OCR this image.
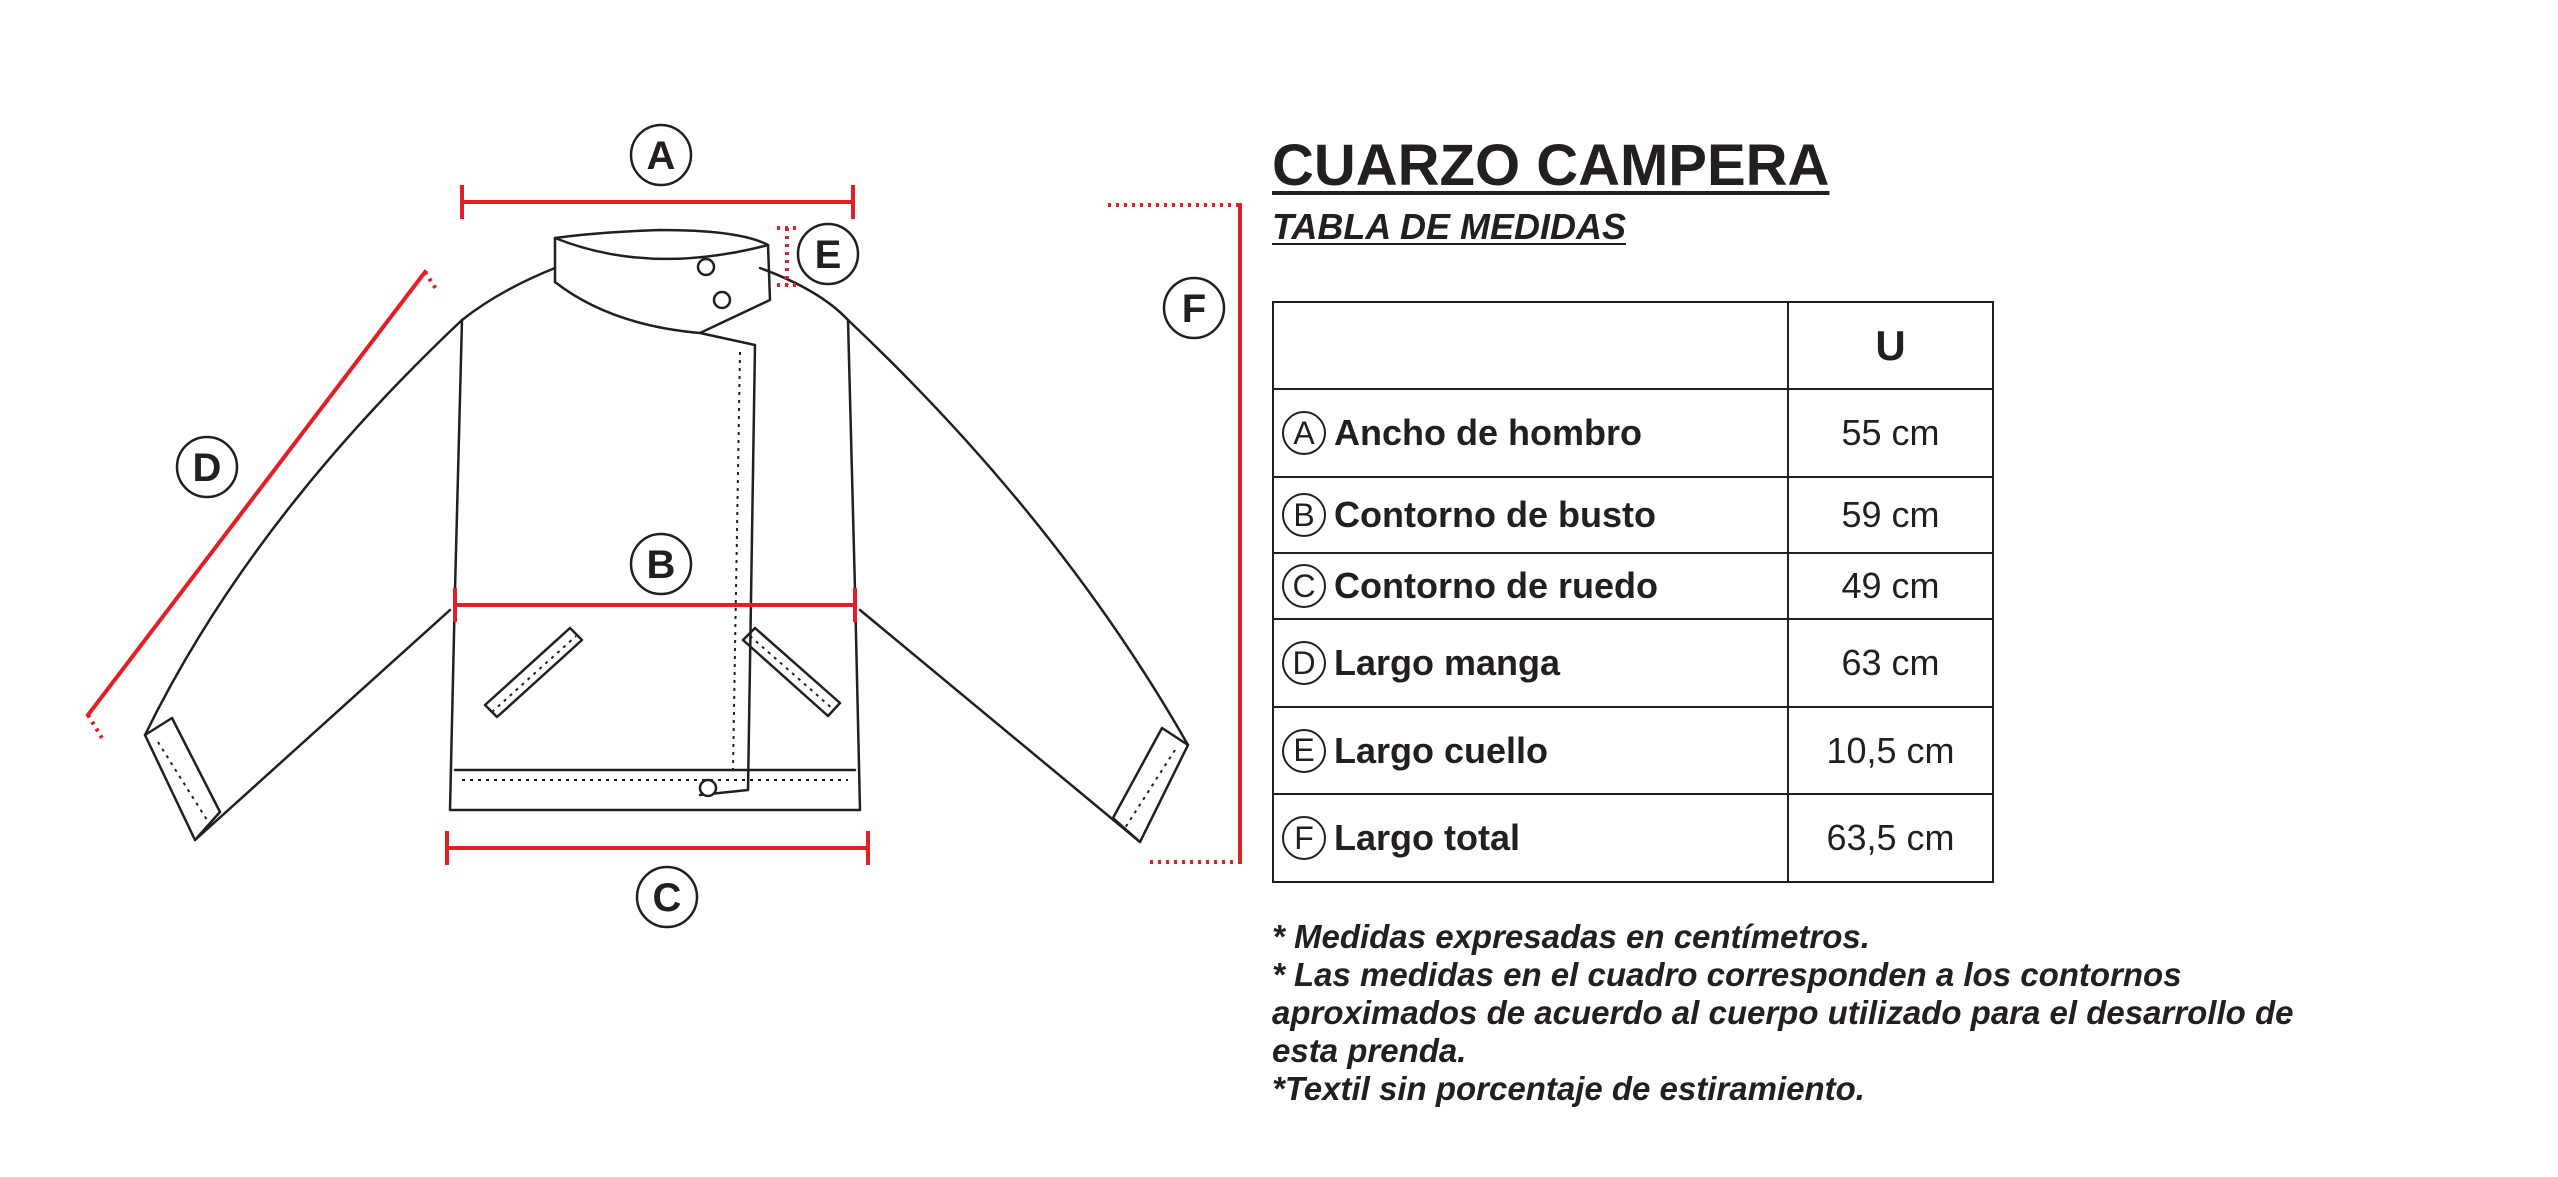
A
B
C
D
E
F
CUARZO CAMPERA
TABLA DE MEDIDAS
	U

A Ancho de hombro	55 cm

B Contorno de busto	59 cm

C Contorno de ruedo	49 cm

D Largo manga	63 cm

E Largo cuello	10,5 cm

F Largo total	63,5 cm
* Medidas expresadas en centímetros.
* Las medidas en el cuadro corresponden a los contornos
aproximados de acuerdo al cuerpo utilizado para el desarrollo de
esta prenda.
*Textil sin porcentaje de estiramiento.
